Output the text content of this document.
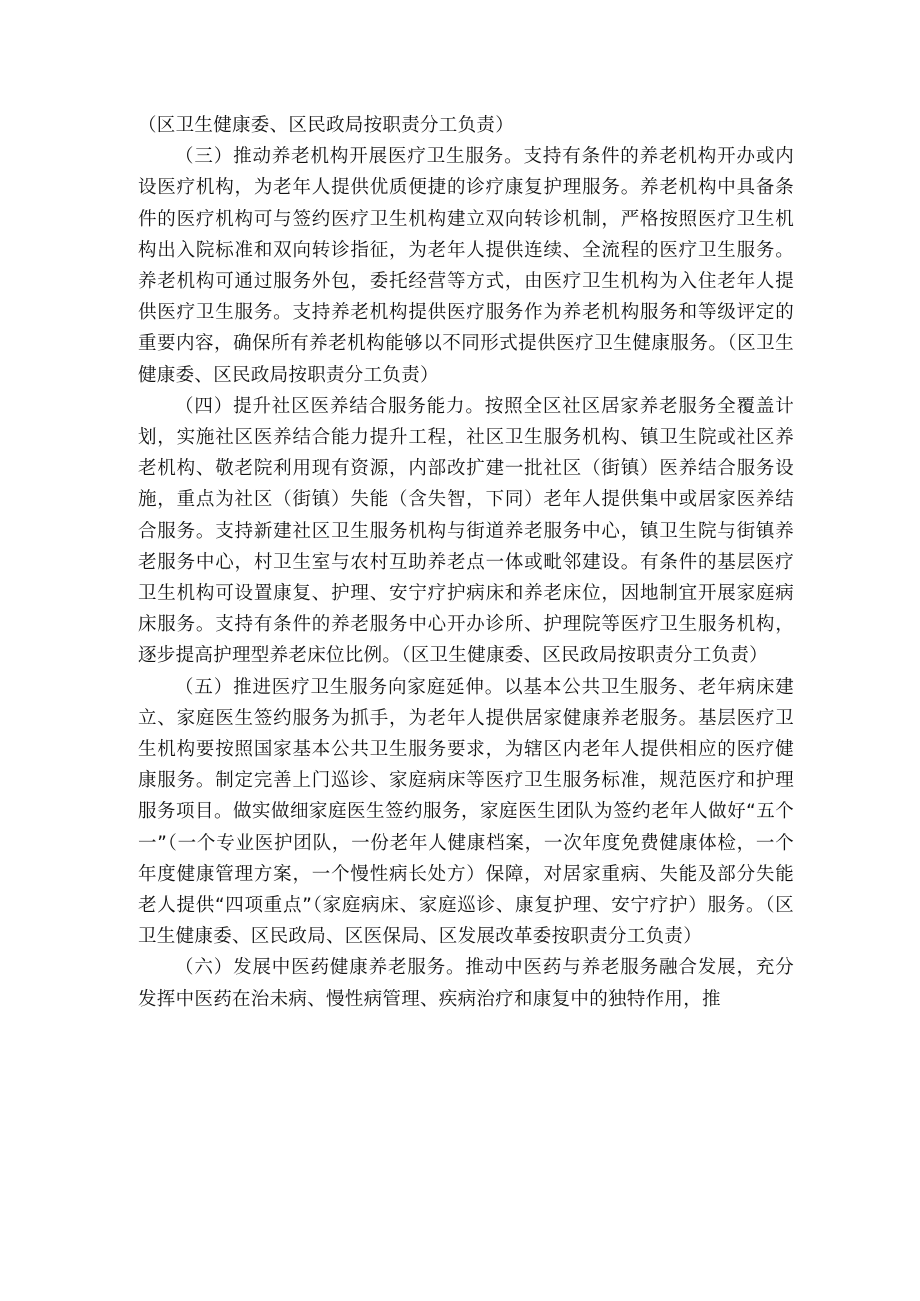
（区卫生健康委、区民政局按职责分工负责）

（三）推动养老机构开展医疗卫生服务。支持有条件的养老机构开办或内设医疗机构，为老年人提供优质便捷的诊疗康复护理服务。养老机构中具备条件的医疗机构可与签约医疗卫生机构建立双向转诊机制，严格按照医疗卫生机构出入院标准和双向转诊指征，为老年人提供连续、全流程的医疗卫生服务。养老机构可通过服务外包，委托经营等方式，由医疗卫生机构为入住老年人提供医疗卫生服务。支持养老机构提供医疗服务作为养老机构服务和等级评定的重要内容，确保所有养老机构能够以不同形式提供医疗卫生健康服务。（区卫生健康委、区民政局按职责分工负责）

（四）提升社区医养结合服务能力。按照全区社区居家养老服务全覆盖计划，实施社区医养结合能力提升工程，社区卫生服务机构、镇卫生院或社区养老机构、敬老院利用现有资源，内部改扩建一批社区（街镇）医养结合服务设施，重点为社区（街镇）失能（含失智，下同）老年人提供集中或居家医养结合服务。支持新建社区卫生服务机构与街道养老服务中心，镇卫生院与街镇养老服务中心，村卫生室与农村互助养老点一体或毗邻建设。有条件的基层医疗卫生机构可设置康复、护理、安宁疗护病床和养老床位，因地制宜开展家庭病床服务。支持有条件的养老服务中心开办诊所、护理院等医疗卫生服务机构，逐步提高护理型养老床位比例。（区卫生健康委、区民政局按职责分工负责）

（五）推进医疗卫生服务向家庭延伸。以基本公共卫生服务、老年病床建立、家庭医生签约服务为抓手，为老年人提供居家健康养老服务。基层医疗卫生机构要按照国家基本公共卫生服务要求，为辖区内老年人提供相应的医疗健康服务。制定完善上门巡诊、家庭病床等医疗卫生服务标准，规范医疗和护理服务项目。做实做细家庭医生签约服务，家庭医生团队为签约老年人做好“五个一”（一个专业医护团队，一份老年人健康档案，一次年度免费健康体检，一个年度健康管理方案，一个慢性病长处方）保障，对居家重病、失能及部分失能老人提供“四项重点”（家庭病床、家庭巡诊、康复护理、安宁疗护）服务。（区卫生健康委、区民政局、区医保局、区发展改革委按职责分工负责）

（六）发展中医药健康养老服务。推动中医药与养老服务融合发展，充分发挥中医药在治未病、慢性病管理、疾病治疗和康复中的独特作用，推
